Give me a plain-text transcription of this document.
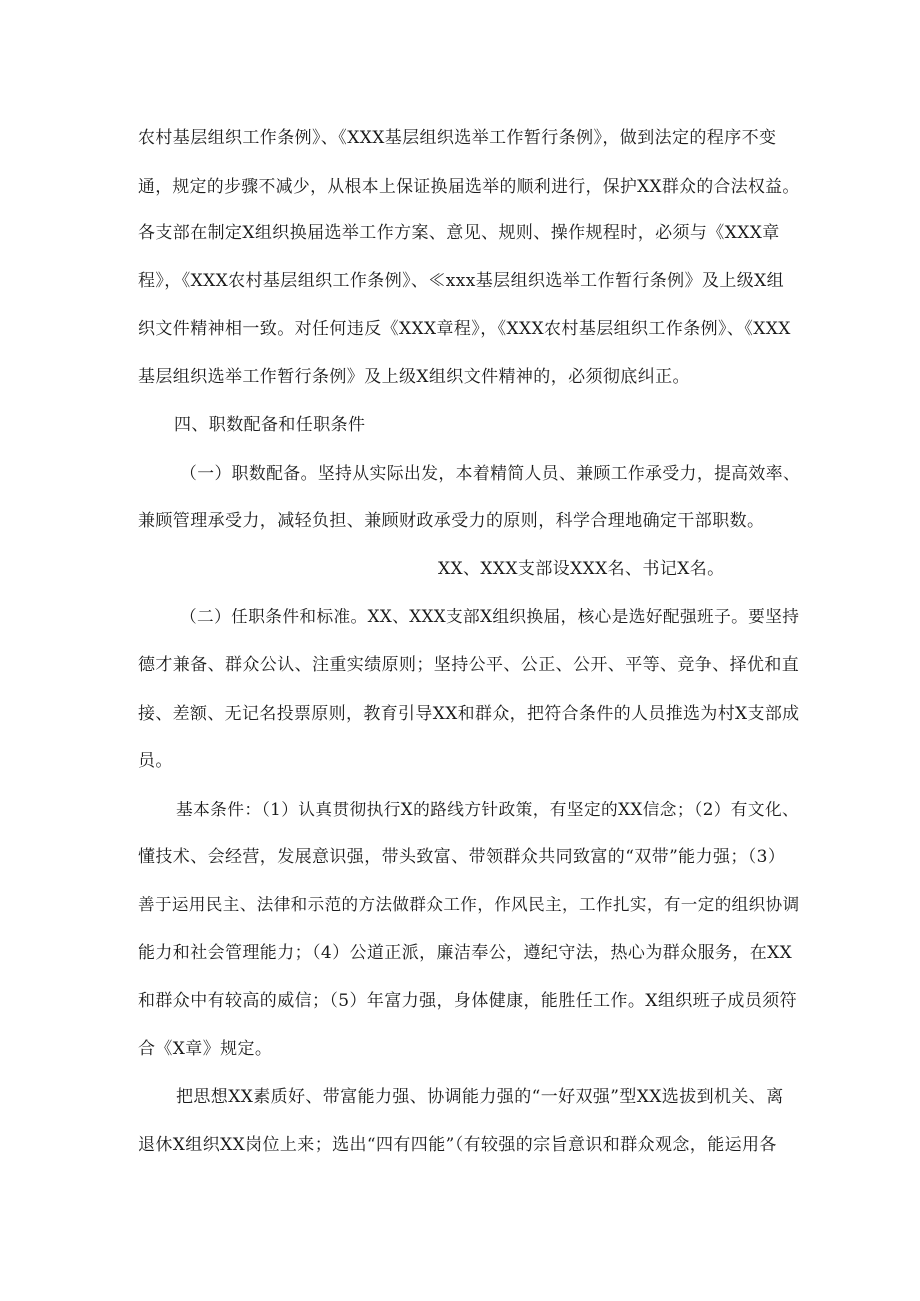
农村基层组织工作条例》、《XXX基层组织选举工作暂行条例》，做到法定的程序不变
通，规定的步骤不减少，从根本上保证换届选举的顺利进行，保护XX群众的合法权益。
各支部在制定X组织换届选举工作方案、意见、规则、操作规程时，必须与《XXX章
程》，《XXX农村基层组织工作条例》、≪xxx基层组织选举工作暂行条例》及上级X组
织文件精神相一致。对任何违反《XXX章程》，《XXX农村基层组织工作条例》、《XXX
基层组织选举工作暂行条例》及上级X组织文件精神的，必须彻底纠正。
四、职数配备和任职条件
（一）职数配备。坚持从实际出发，本着精简人员、兼顾工作承受力，提高效率、
兼顾管理承受力，减轻负担、兼顾财政承受力的原则，科学合理地确定干部职数。
XX、XXX支部设XXX名、书记X名。
（二）任职条件和标准。XX、XXX支部X组织换届，核心是选好配强班子。要坚持
德才兼备、群众公认、注重实绩原则；坚持公平、公正、公开、平等、竞争、择优和直
接、差额、无记名投票原则，教育引导XX和群众，把符合条件的人员推选为村X支部成
员。
基本条件：（1）认真贯彻执行X的路线方针政策，有坚定的XX信念；（2）有文化、
懂技术、会经营，发展意识强，带头致富、带领群众共同致富的“双带”能力强；（3）
善于运用民主、法律和示范的方法做群众工作，作风民主，工作扎实，有一定的组织协调
能力和社会管理能力；（4）公道正派，廉洁奉公，遵纪守法，热心为群众服务，在XX
和群众中有较高的威信；（5）年富力强，身体健康，能胜任工作。X组织班子成员须符
合《X章》规定。
把思想XX素质好、带富能力强、协调能力强的“一好双强”型XX选拔到机关、离
退休X组织XX岗位上来；选出“四有四能”（有较强的宗旨意识和群众观念，能运用各
